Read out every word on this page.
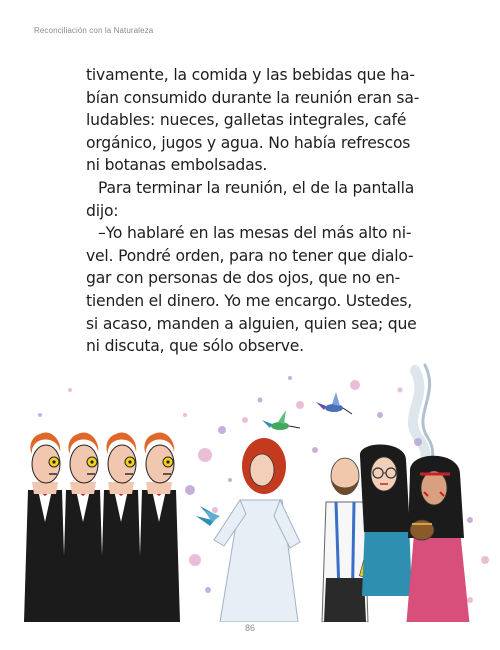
Reconciliación con la Naturaleza
tivamente, la comida y las bebidas que ha-
bían consumido durante la reunión eran sa-
ludables: nueces, galletas integrales, café
orgánico, jugos y agua. No había refrescos
ni botanas embolsadas.
Para terminar la reunión, el de la pantalla
dijo:
–Yo hablaré en las mesas del más alto ni-
vel. Pondré orden, para no tener que dialo-
gar con personas de dos ojos, que no en-
tienden el dinero. Yo me encargo. Ustedes,
si acaso, manden a alguien, quien sea; que
ni discuta, que sólo observe.
86
